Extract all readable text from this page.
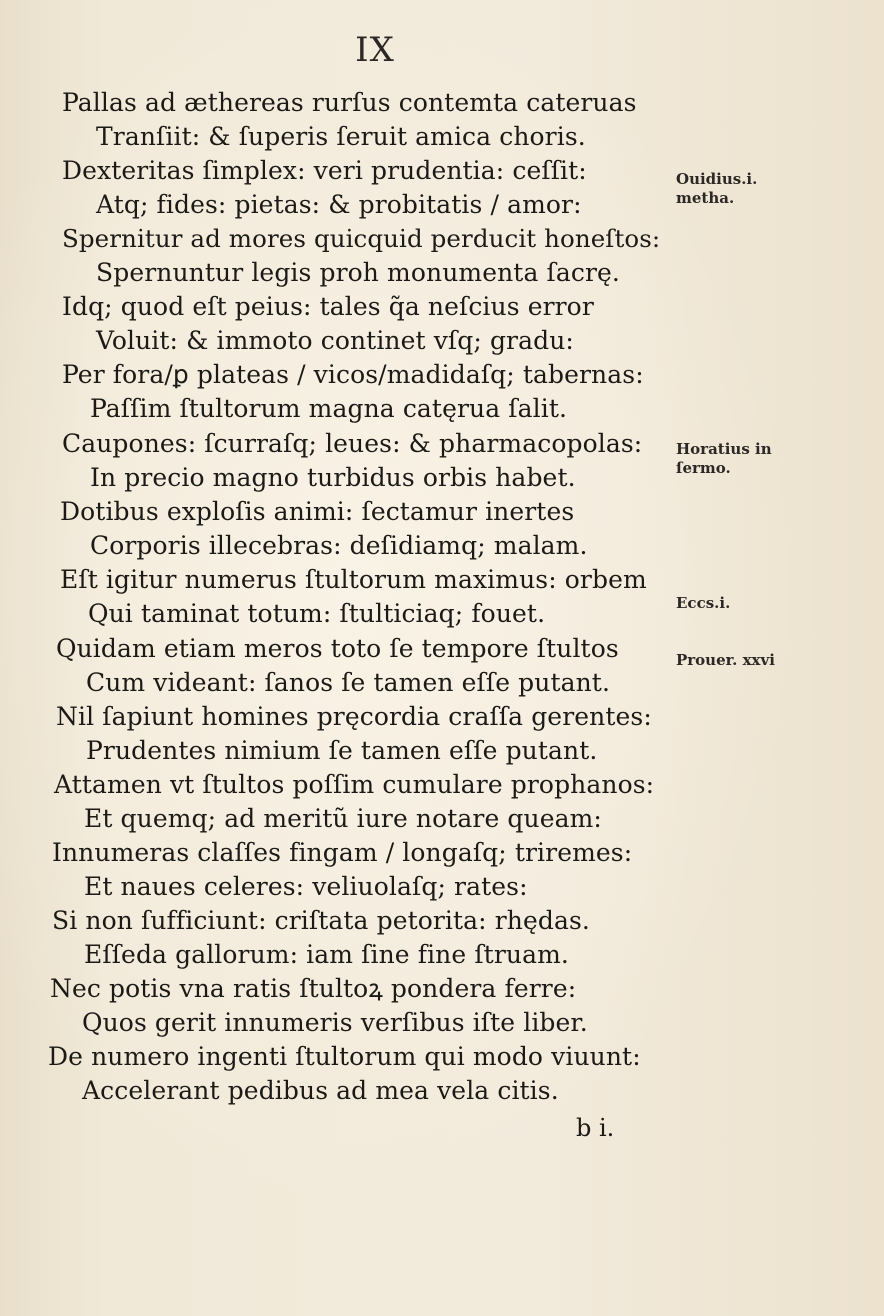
IX
Pallas ad æthereas rurſus contemta cateruas
Tranſiit: & ſuperis ſeruit amica choris.
Dexteritas ſimplex: veri prudentia: ceſſit:
Atq; fides: pietas: & probitatis / amor:
Spernitur ad mores quicquid perducit honeſtos:
Spernuntur legis proh monumenta ſacrę.
Idq; quod eſt peius: tales q̃a neſcius error
Voluit: & immoto continet vſq; gradu:
Per fora/ꝑ plateas / vicos/madidaſq; tabernas:
Paſſim ſtultorum magna catęrua ſalit.
Caupones: ſcurraſq; leues: & pharmacopolas:
In precio magno turbidus orbis habet.
Dotibus exploſis animi: ſectamur inertes
Corporis illecebras: deſidiamq; malam.
Eſt igitur numerus ſtultorum maximus: orbem
Qui taminat totum: ſtulticiaq; fouet.
Quidam etiam meros toto ſe tempore ſtultos
Cum videant: ſanos ſe tamen eſſe putant.
Nil ſapiunt homines pręcordia craſſa gerentes:
Prudentes nimium ſe tamen eſſe putant.
Attamen vt ſtultos poſſim cumulare prophanos:
Et quemq; ad meritũ iure notare queam:
Innumeras claſſes fingam / longaſq; triremes:
Et naues celeres: veliuolaſq; rates:
Si non ſufficiunt: criſtata petorita: rhędas.
Eſſeda gallorum: iam ſine fine ſtruam.
Nec potis vna ratis ſtultoꝝ pondera ferre:
Quos gerit innumeris verſibus iſte liber.
De numero ingenti ſtultorum qui modo viuunt:
Accelerant pedibus ad mea vela citis.
Ouidius.i.
metha.
Horatius in
ſermo.
Eccs.i.
Prouer. xxvi
b i.
